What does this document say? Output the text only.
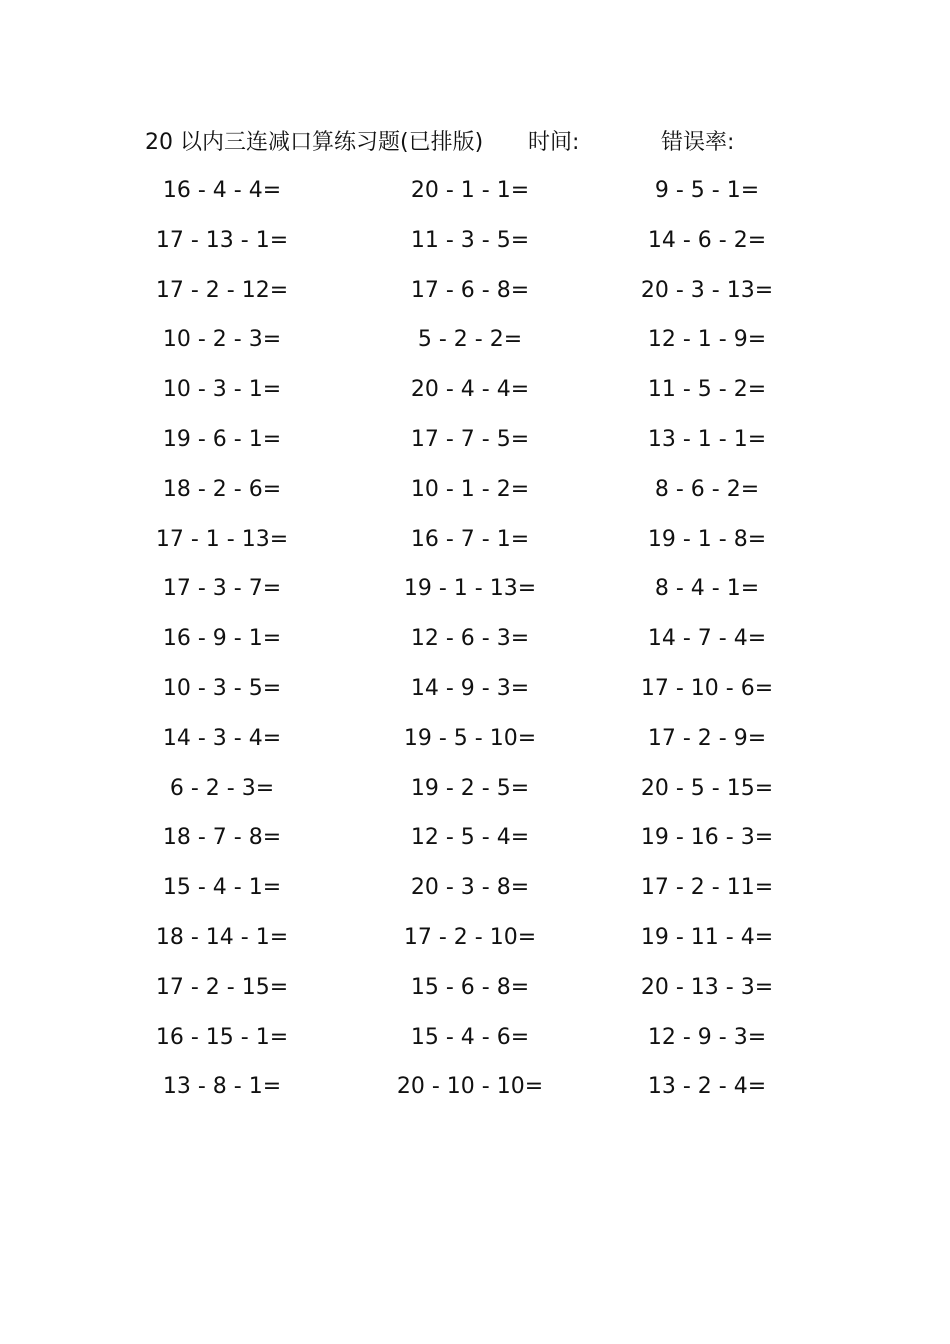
20 以内三连减口算练习题(已排版) 时间:	错误率:
16 - 4 - 4=	20 - 1 - 1=	9 - 5 - 1=
17 - 13 - 1=	11 - 3 - 5=	14 - 6 - 2=
17 - 2 - 12=	17 - 6 - 8=	20 - 3 - 13=
10 - 2 - 3=	5 - 2 - 2=	12 - 1 - 9=
10 - 3 - 1=	20 - 4 - 4=	11 - 5 - 2=
19 - 6 - 1=	17 - 7 - 5=	13 - 1 - 1=
18 - 2 - 6=	10 - 1 - 2=	8 - 6 - 2=
17 - 1 - 13=	16 - 7 - 1=	19 - 1 - 8=
17 - 3 - 7=	19 - 1 - 13=	8 - 4 - 1=
16 - 9 - 1=	12 - 6 - 3=	14 - 7 - 4=
10 - 3 - 5=	14 - 9 - 3=	17 - 10 - 6=
14 - 3 - 4=	19 - 5 - 10=	17 - 2 - 9=
6 - 2 - 3=	19 - 2 - 5=	20 - 5 - 15=
18 - 7 - 8=	12 - 5 - 4=	19 - 16 - 3=
15 - 4 - 1=	20 - 3 - 8=	17 - 2 - 11=
18 - 14 - 1=	17 - 2 - 10=	19 - 11 - 4=
17 - 2 - 15=	15 - 6 - 8=	20 - 13 - 3=
16 - 15 - 1=	15 - 4 - 6=	12 - 9 - 3=
13 - 8 - 1=	20 - 10 - 10=	13 - 2 - 4=
